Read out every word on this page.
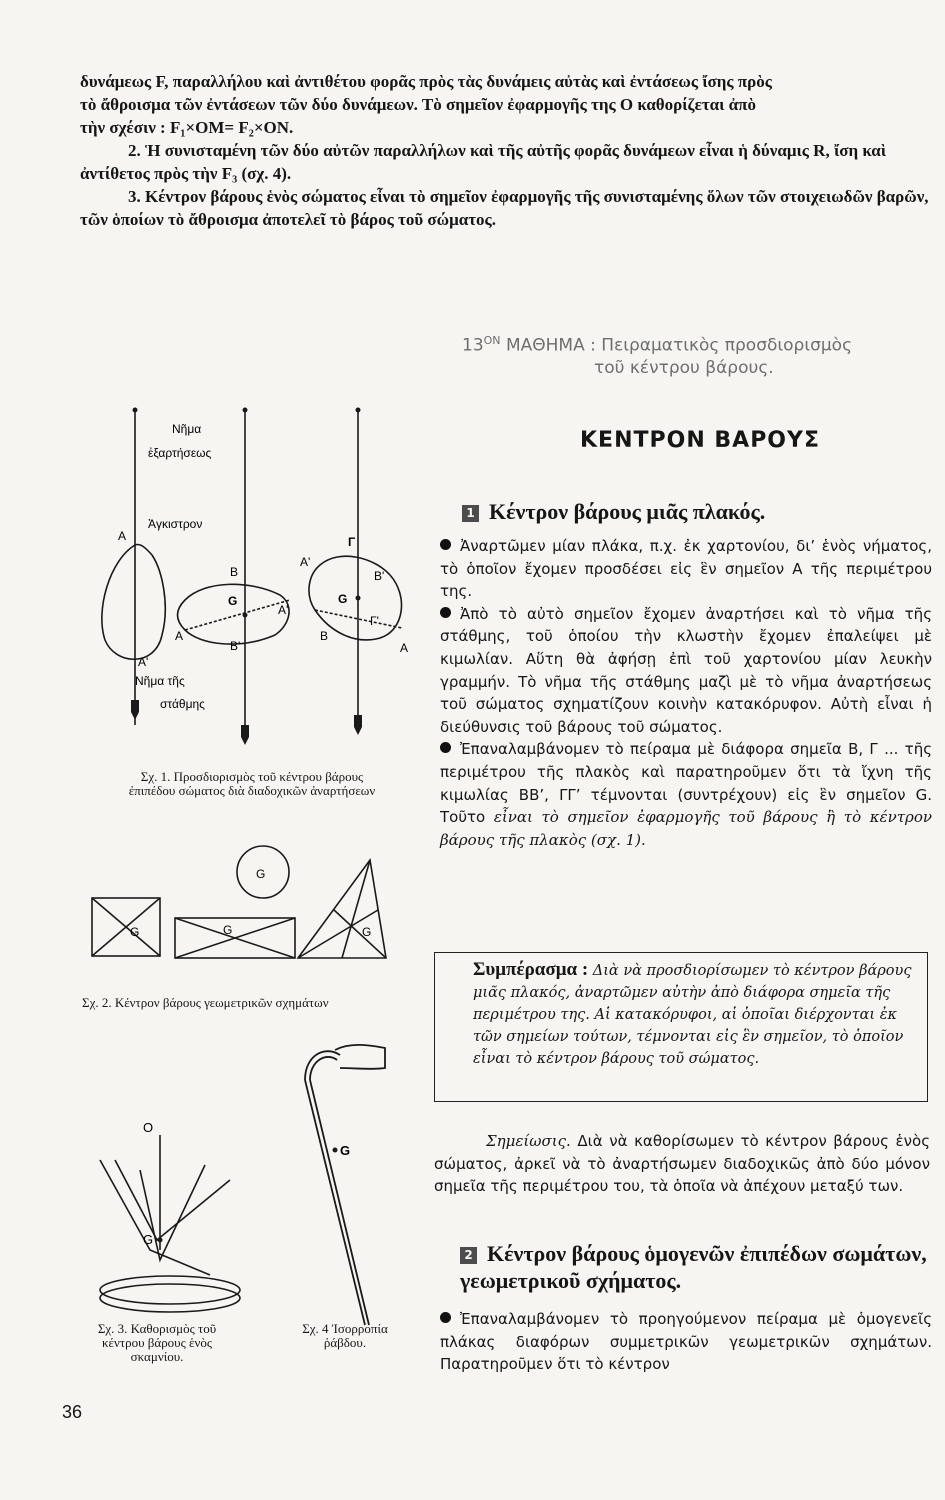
δυνάμεως F, παραλλήλου καὶ ἀντιθέτου φορᾶς πρὸς τὰς δυνάμεις αὐτὰς καὶ ἐντάσεως ἴσης πρὸς

τὸ ἄθροισμα τῶν ἐντάσεων τῶν δύο δυνάμεων. Τὸ σημεῖον ἐφαρμογῆς της O καθορίζεται ἀπὸ

τὴν σχέσιν : F₁×OM= F₂×ON.

2. Ἡ συνισταμένη τῶν δύο αὐτῶν παραλλήλων καὶ τῆς αὐτῆς φορᾶς δυνάμεων εἶναι ἡ δύναμις R, ἴση καὶ ἀντίθετος πρὸς τὴν F₃ (σχ. 4).

3. Κέντρον βάρους ἑνὸς σώματος εἶναι τὸ σημεῖον ἐφαρμογῆς τῆς συνισταμένης ὅλων τῶν στοιχειωδῶν βαρῶν, τῶν ὁποίων τὸ ἄθροισμα ἀποτελεῖ τὸ βάρος τοῦ σώματος.

$13^{ON}$ ΜΑΘΗΜΑ : Πειραματικὸς προσδιορισμὸς
τοῦ κέντρου βάρους.
ΚΕΝΤΡΟΝ ΒΑΡΟΥΣ
1 Κέντρον βάρους μιᾶς πλακός.

Ἀναρτῶμεν μίαν πλάκα, π.χ. ἐκ χαρτονίου, δι’ ἑνὸς νήματος, τὸ ὁποῖον ἔχομεν προσδέσει εἰς ἓν σημεῖον Α τῆς περιμέτρου της.

Ἀπὸ τὸ αὐτὸ σημεῖον ἔχομεν ἀναρτήσει καὶ τὸ νῆμα τῆς στάθμης, τοῦ ὁποίου τὴν κλωστὴν ἔχομεν ἐπαλείψει μὲ κιμωλίαν. Αὕτη θὰ ἀφήσῃ ἐπὶ τοῦ χαρτονίου μίαν λευκὴν γραμμήν. Τὸ νῆμα τῆς στάθμης μαζὶ μὲ τὸ νῆμα ἀναρτήσεως τοῦ σώματος σχηματίζουν κοινὴν κατακόρυφον. Αὐτὴ εἶναι ἡ διεύθυνσις τοῦ βάρους τοῦ σώματος.

Ἐπαναλαμβάνομεν τὸ πείραμα μὲ διάφορα σημεῖα Β, Γ ... τῆς περιμέτρου τῆς πλακὸς καὶ παρατηροῦμεν ὅτι τὰ ἴχνη τῆς κιμωλίας ΒΒ’, ΓΓ’ τέμνονται (συντρέχουν) εἰς ἓν σημεῖον G. Τοῦτο εἶναι τὸ σημεῖον ἐφαρμογῆς τοῦ βάρους ἢ τὸ κέντρον βάρους τῆς πλακὸς (σχ. 1).

Συμπέρασμα : Διὰ νὰ προσδιορίσωμεν τὸ κέντρον βάρους μιᾶς πλακός, ἀναρτῶμεν αὐτὴν ἀπὸ διάφορα σημεῖα τῆς περιμέτρου της. Αἱ κατακόρυφοι, αἱ ὁποῖαι διέρχονται ἐκ τῶν σημείων τούτων, τέμνονται εἰς ἓν σημεῖον, τὸ ὁποῖον εἶναι τὸ κέντρον βάρους τοῦ σώματος.
Σημείωσις. Διὰ νὰ καθορίσωμεν τὸ κέντρον βάρους ἑνὸς σώματος, ἀρκεῖ νὰ τὸ ἀναρτήσωμεν διαδοχικῶς ἀπὸ δύο μόνον σημεῖα τῆς περιμέτρου του, τὰ ὁποῖα νὰ ἀπέχουν μεταξύ των.
2 Κέντρον βάρους ὁμογενῶν ἐπιπέδων σωμάτων, γεωμετρικοῦ σχήματος.

Ἐπαναλαμβάνομεν τὸ προηγούμενον πείραμα μὲ ὁμογενεῖς πλάκας διαφόρων συμμετρικῶν γεωμετρικῶν σχημάτων. Παρατηροῦμεν ὅτι τὸ κέντρον

Νῆμα
ἐξαρτήσεως
Ἀγκιστρον
Νῆμα τῆς
στάθμης
A
A'
B
G
B'
A
A'
Γ
A'
B'
G
Γ'
B
A
Σχ. 1. Προσδιορισμὸς τοῦ κέντρου βάρους
ἐπιπέδου σώματος διὰ διαδοχικῶν ἀναρτήσεων
G
G	G	G
Σχ. 2. Κέντρον βάρους γεωμετρικῶν σχημάτων
O
G
Σχ. 3. Καθορισμὸς τοῦ
κέντρου βάρους ἑνὸς
σκαμνίου.
G
Σχ. 4 Ἰσορροπία
ῥάβδου.
36
